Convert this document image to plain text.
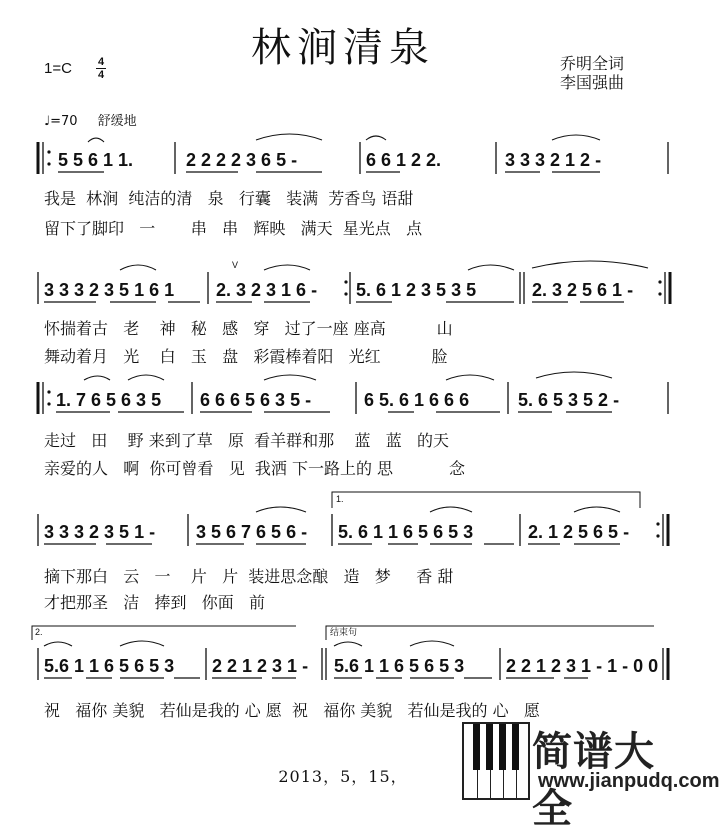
林涧清泉
1=C 4
4
乔明全词
李国强曲
♩=70 舒缓地
5 5 6 1 1.	2 2 2 2 3 6 5 -	6 6 1 2 2.	3 3 3 2 1 2 -
我是  林涧  纯洁的清   泉   行囊   装满  芳香鸟 语甜
留下了脚印   一       串   串   辉映   满天  星光点   点
3 3 3 2 3 5 1 6 1 2. 3 2 3 1 6 - 5. 6 1 2 3 5 3 5	2. 3 2 5 6 1 -
V
怀揣着古   老    神   秘   感   穿   过了一座 座高          山
舞动着月   光    白   玉   盘   彩霞棒着阳   光红          脸
1. 7 6 5 6 3 5 6 6 6 5 6 3 5 -	6 5. 6 1 6 6 6	5. 6 5 3 5 2 -
走过   田    野 来到了草   原  看羊群和那    蓝   蓝   的天
亲爱的人   啊  你可曾看   见  我洒 下一路上的 思           念
1.
3 3 3 2 3 5 1 - 3 5 6 7 6 5 6 - 5. 6 1 1 6 5 6 5 3	2. 1 2 5 6 5 -
摘下那白   云   一    片   片  装进思念酿   造   梦     香 甜
才把那圣   洁   捧到   你面   前
2.	结束句
5.6 1 1 6 5 6 5 3 2 2 1 2 3 1 - 5.6 1 1 6 5 6 5 3 2 2 1 2 3 1 - 1 - 0 0
祝   福你 美貌   若仙是我的 心 愿  祝   福你 美貌   若仙是我的 心   愿
2013，5，15，
简谱大全
www.jianpudq.com
